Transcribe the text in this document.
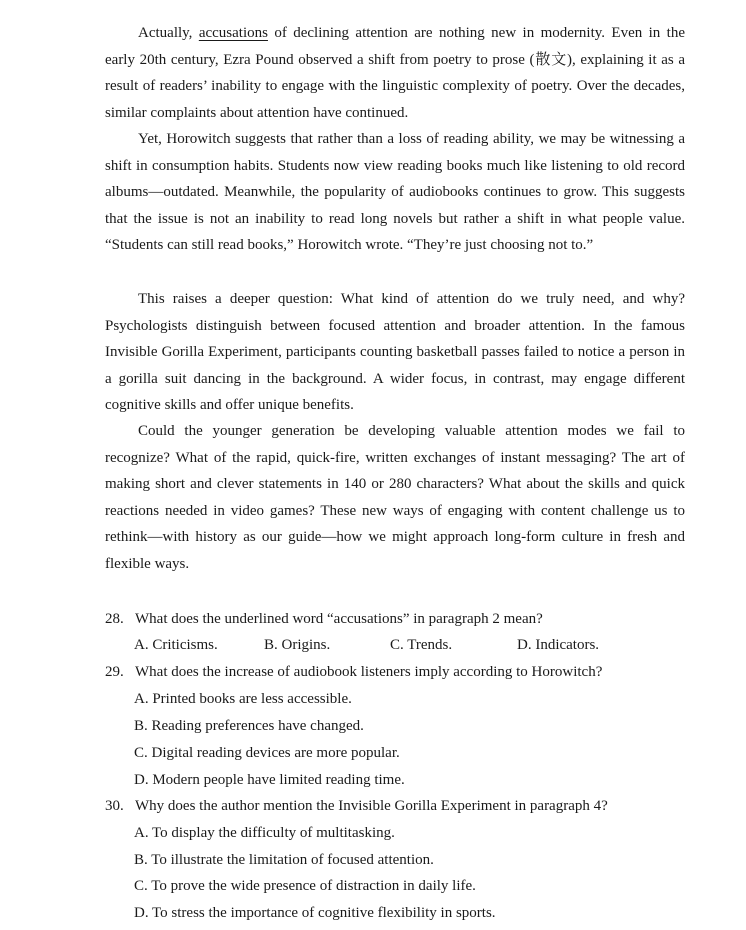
Actually, accusations of declining attention are nothing new in modernity. Even in the early 20th century, Ezra Pound observed a shift from poetry to prose (散文), explaining it as a result of readers’ inability to engage with the linguistic complexity of poetry. Over the decades, similar complaints about attention have continued.

Yet, Horowitch suggests that rather than a loss of reading ability, we may be witnessing a shift in consumption habits. Students now view reading books much like listening to old record albums—outdated. Meanwhile, the popularity of audiobooks continues to grow. This suggests that the issue is not an inability to read long novels but rather a shift in what people value. “Students can still read books,” Horowitch wrote. “They’re just choosing not to.”

This raises a deeper question: What kind of attention do we truly need, and why? Psychologists distinguish between focused attention and broader attention. In the famous Invisible Gorilla Experiment, participants counting basketball passes failed to notice a person in a gorilla suit dancing in the background. A wider focus, in contrast, may engage different cognitive skills and offer unique benefits.

Could the younger generation be developing valuable attention modes we fail to recognize? What of the rapid, quick-fire, written exchanges of instant messaging? The art of making short and clever statements in 140 or 280 characters? What about the skills and quick reactions needed in video games? These new ways of engaging with content challenge us to rethink—with history as our guide—how we might approach long-form culture in fresh and flexible ways.

28. What does the underlined word “accusations” in paragraph 2 mean?
A. Criticisms.	B. Origins.	C. Trends.	D. Indicators.
29. What does the increase of audiobook listeners imply according to Horowitch?
A. Printed books are less accessible.
B. Reading preferences have changed.
C. Digital reading devices are more popular.
D. Modern people have limited reading time.
30. Why does the author mention the Invisible Gorilla Experiment in paragraph 4?
A. To display the difficulty of multitasking.
B. To illustrate the limitation of focused attention.
C. To prove the wide presence of distraction in daily life.
D. To stress the importance of cognitive flexibility in sports.
